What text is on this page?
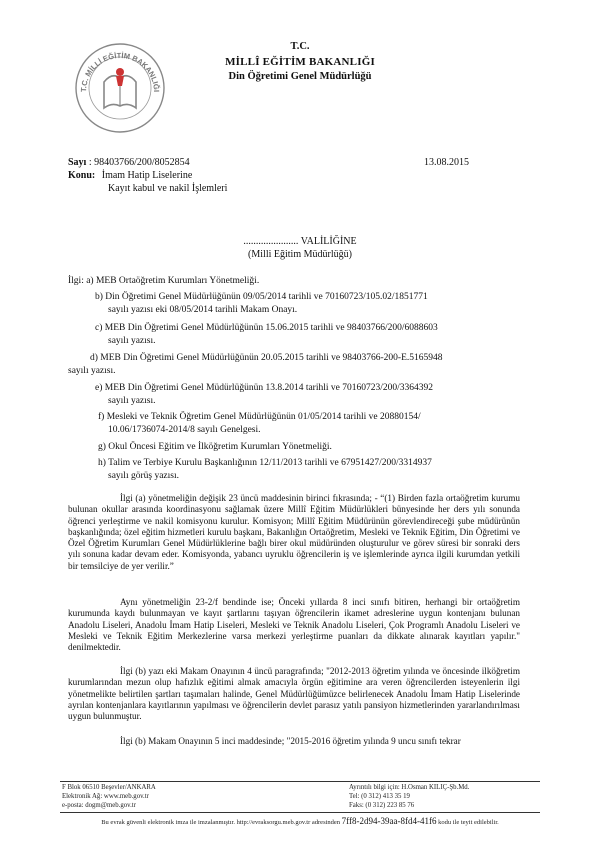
T.C. MİLLİ EĞİTİM BAKANLIĞI
T.C.
MİLLÎ EĞİTİM BAKANLIĞI
Din Öğretimi Genel Müdürlüğü
Sayı : 98403766/200/8052854	13.08.2015
Konu: İmam Hatip Liselerine
Kayıt kabul ve nakil İşlemleri
...................... VALİLİĞİNE
(Milli Eğitim Müdürlüğü)
İlgi: a) MEB Ortaöğretim Kurumları Yönetmeliği.
b) Din Öğretimi Genel Müdürlüğünün 09/05/2014 tarihli ve 70160723/105.02/1851771
sayılı yazısı eki 08/05/2014 tarihli Makam Onayı.
c) MEB Din Öğretimi Genel Müdürlüğünün 15.06.2015 tarihli ve 98403766/200/6088603
sayılı yazısı.
d) MEB Din Öğretimi Genel Müdürlüğünün 20.05.2015 tarihli ve 98403766-200-E.5165948
sayılı yazısı.
e) MEB Din Öğretimi Genel Müdürlüğünün 13.8.2014 tarihli ve 70160723/200/3364392
sayılı yazısı.
f) Mesleki ve Teknik Öğretim Genel Müdürlüğünün 01/05/2014 tarihli ve 20880154/
10.06/1736074-2014/8 sayılı Genelgesi.
g) Okul Öncesi Eğitim ve İlköğretim Kurumları Yönetmeliği.
h) Talim ve Terbiye Kurulu Başkanlığının 12/11/2013 tarihli ve 67951427/200/3314937
sayılı görüş yazısı.
İlgi (a) yönetmeliğin değişik 23 üncü maddesinin birinci fıkrasında; - “(1) Birden fazla ortaöğretim kurumu bulunan okullar arasında koordinasyonu sağlamak üzere Millî Eğitim Müdürlükleri bünyesinde her ders yılı sonunda öğrenci yerleştirme ve nakil komisyonu kurulur. Komisyon; Millî Eğitim Müdürünün görevlendireceği şube müdürünün başkanlığında; özel eğitim hizmetleri kurulu başkanı, Bakanlığın Ortaöğretim, Mesleki ve Teknik Eğitim, Din Öğretimi ve Özel Öğretim Kurumları Genel Müdürlüklerine bağlı birer okul müdüründen oluşturulur ve görev süresi bir sonraki ders yılı sonuna kadar devam eder. Komisyonda, yabancı uyruklu öğrencilerin iş ve işlemlerinde ayrıca ilgili kurumdan yetkili bir temsilciye de yer verilir.”
Aynı yönetmeliğin 23-2/f bendinde ise; Önceki yıllarda 8 inci sınıfı bitiren, herhangi bir ortaöğretim kurumunda kaydı bulunmayan ve kayıt şartlarını taşıyan öğrencilerin ikamet adreslerine uygun kontenjanı bulunan Anadolu Liseleri, Anadolu İmam Hatip Liseleri, Mesleki ve Teknik Anadolu Liseleri, Çok Programlı Anadolu Liseleri ve Mesleki ve Teknik Eğitim Merkezlerine varsa merkezi yerleştirme puanları da dikkate alınarak kayıtları yapılır." denilmektedir.
İlgi (b) yazı eki Makam Onayının 4 üncü paragrafında; "2012-2013 öğretim yılında ve öncesinde ilköğretim kurumlarından mezun olup hafızlık eğitimi almak amacıyla örgün eğitimine ara veren öğrencilerden isteyenlerin ilgi yönetmelikte belirtilen şartları taşımaları halinde, Genel Müdürlüğümüzce belirlenecek Anadolu İmam Hatip Liselerinde ayrılan kontenjanlara kayıtlarının yapılması ve öğrencilerin devlet parasız yatılı pansiyon hizmetlerinden yararlandırılması uygun bulunmuştur.
İlgi (b) Makam Onayının 5 inci maddesinde; "2015-2016 öğretim yılında 9 uncu sınıfı tekrar
F Blok 06510 Beşevler/ANKARA
Elektronik Ağ: www.meb.gov.tr
e-posta: dogm@meb.gov.tr
Ayrıntılı bilgi için: H.Osman KILIÇ-Şb.Md.
Tel: (0 312) 413 35 19
Faks: (0 312) 223 85 76
Bu evrak güvenli elektronik imza ile imzalanmıştır. http://evraksorgu.meb.gov.tr adresinden 7ff8-2d94-39aa-8fd4-41f6 kodu ile teyit edilebilir.
